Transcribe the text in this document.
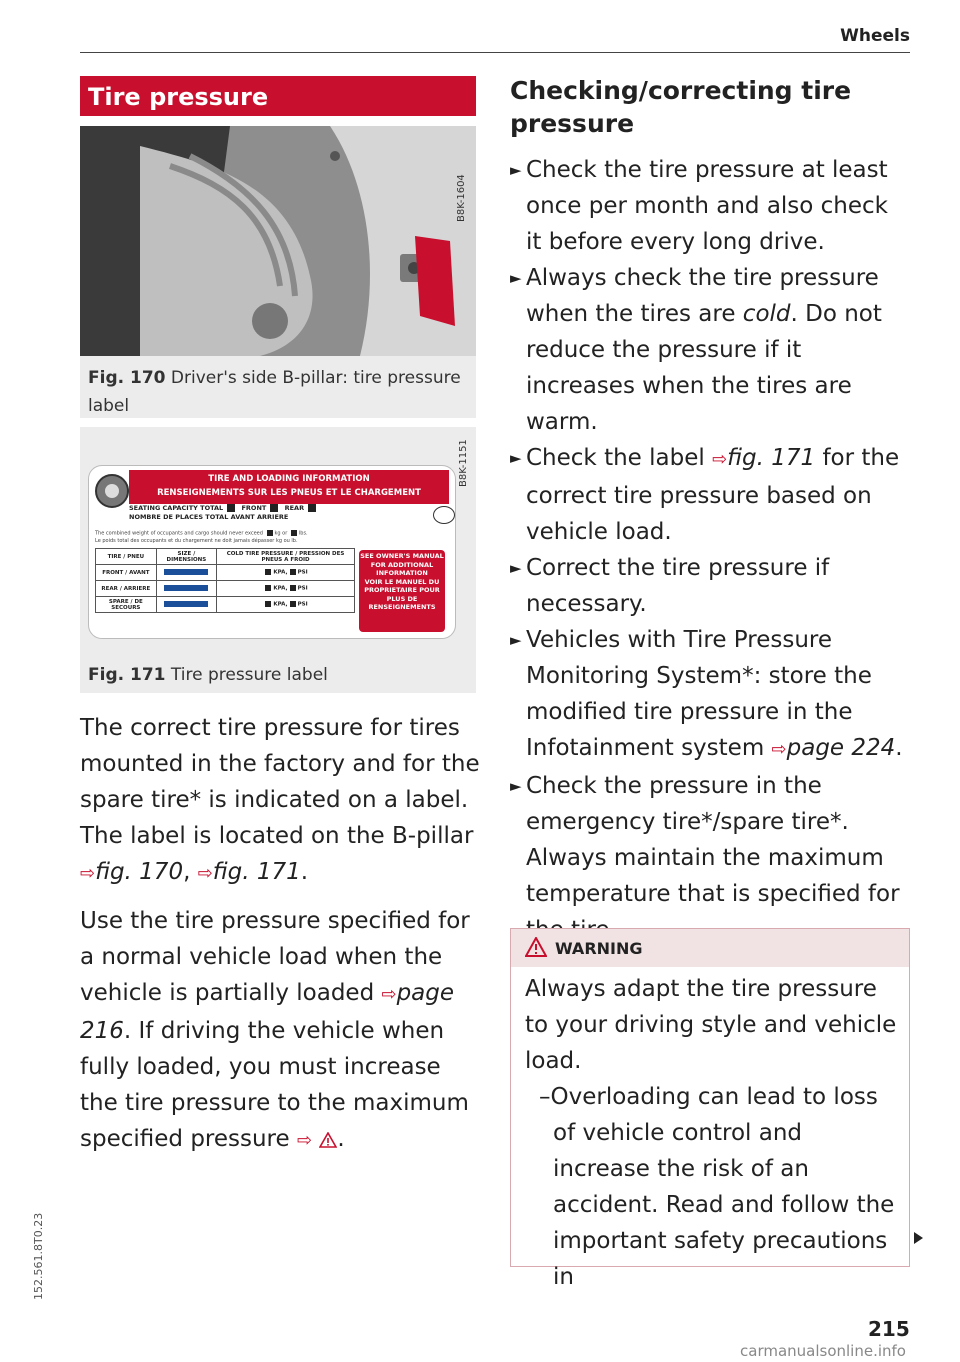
Wheels
Tire pressure
B8K-1604
Fig. 170 Driver's side B-pillar: tire pressure label
B8K-1151
TIRE AND LOADING INFORMATION
RENSEIGNEMENTS SUR LES PNEUS ET LE CHARGEMENT
SEATING CAPACITY TOTAL	FRONT	REAR
NOMBRE DE PLACES TOTAL AVANT ARRIERE
The combined weight of occupants and cargo should never exceed kg or lbs.
Le poids total des occupants et du chargement ne doit jamais dépasser kg ou lb.
TIRE / PNEU	SIZE / DIMENSIONS	COLD TIRE PRESSURE / PRESSION DES PNEUS A FROID
FRONT / AVANT		KPA, PSI
REAR / ARRIERE		KPA, PSI
SPARE / DE SECOURS		KPA, PSI
SEE OWNER'S MANUAL FOR ADDITIONAL INFORMATION
VOIR LE MANUEL DU PROPRIETAIRE POUR PLUS DE RENSEIGNEMENTS
Fig. 171 Tire pressure label
The correct tire pressure for tires mounted in the factory and for the spare tire* is indicated on a label. The label is located on the B-pillar ⇨fig. 170, ⇨fig. 171.
Use the tire pressure specified for a normal vehicle load when the vehicle is partially loaded ⇨page 216. If driving the vehicle when fully loaded, you must increase the tire pressure to the maximum specified pressure ⇨ .
Checking/correcting tire pressure
► Check the tire pressure at least once per month and also check it before every long drive.
► Always check the tire pressure when the tires are cold. Do not reduce the pressure if it increases when the tires are warm.
► Check the label ⇨fig. 171 for the correct tire pressure based on vehicle load.
► Correct the tire pressure if necessary.
► Vehicles with Tire Pressure Monitoring System*: store the modified tire pressure in the Infotainment system ⇨page 224.
► Check the pressure in the emergency tire*/spare tire*. Always maintain the maximum temperature that is specified for
WARNING
Always adapt the tire pressure to your driving style and vehicle load.
–Overloading can lead to loss of vehicle control and increase the risk of an accident. Read and follow the important safety precautions in
215
152.561.8T0.23
carmanualsonline.info
